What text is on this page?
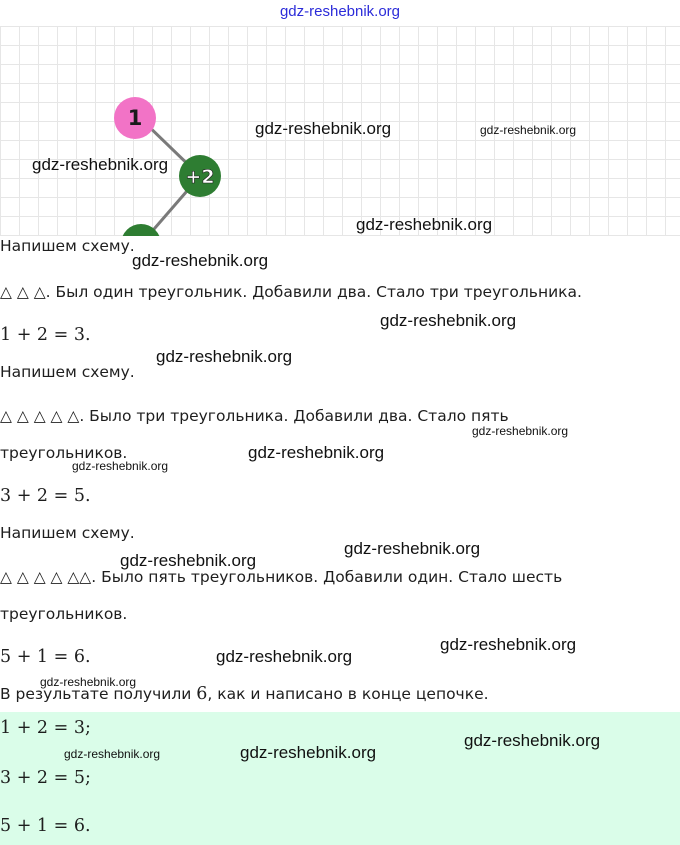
gdz-reshebnik.org
1
+2
Напишем схему.
△ △ △. Был один треугольник. Добавили два. Стало три треугольника.
1 + 2 = 3.
Напишем схему.
△ △ △ △ △. Было три треугольника. Добавили два. Стало пять
треугольников.
3 + 2 = 5.
Напишем схему.
△ △ △ △ △△. Было пять треугольников. Добавили один. Стало шесть
треугольников.
5 + 1 = 6.
В результате получили 6, как и написано в конце цепочке.
1 + 2 = 3;
3 + 2 = 5;
5 + 1 = 6.
gdz-reshebnik.org	gdz-reshebnik.org
gdz-reshebnik.org
gdz-reshebnik.org
gdz-reshebnik.org
gdz-reshebnik.org
gdz-reshebnik.org
gdz-reshebnik.org
gdz-reshebnik.org
gdz-reshebnik.org
gdz-reshebnik.org
gdz-reshebnik.org
gdz-reshebnik.org
gdz-reshebnik.org
gdz-reshebnik.org
gdz-reshebnik.org
gdz-reshebnik.org
gdz-reshebnik.org
